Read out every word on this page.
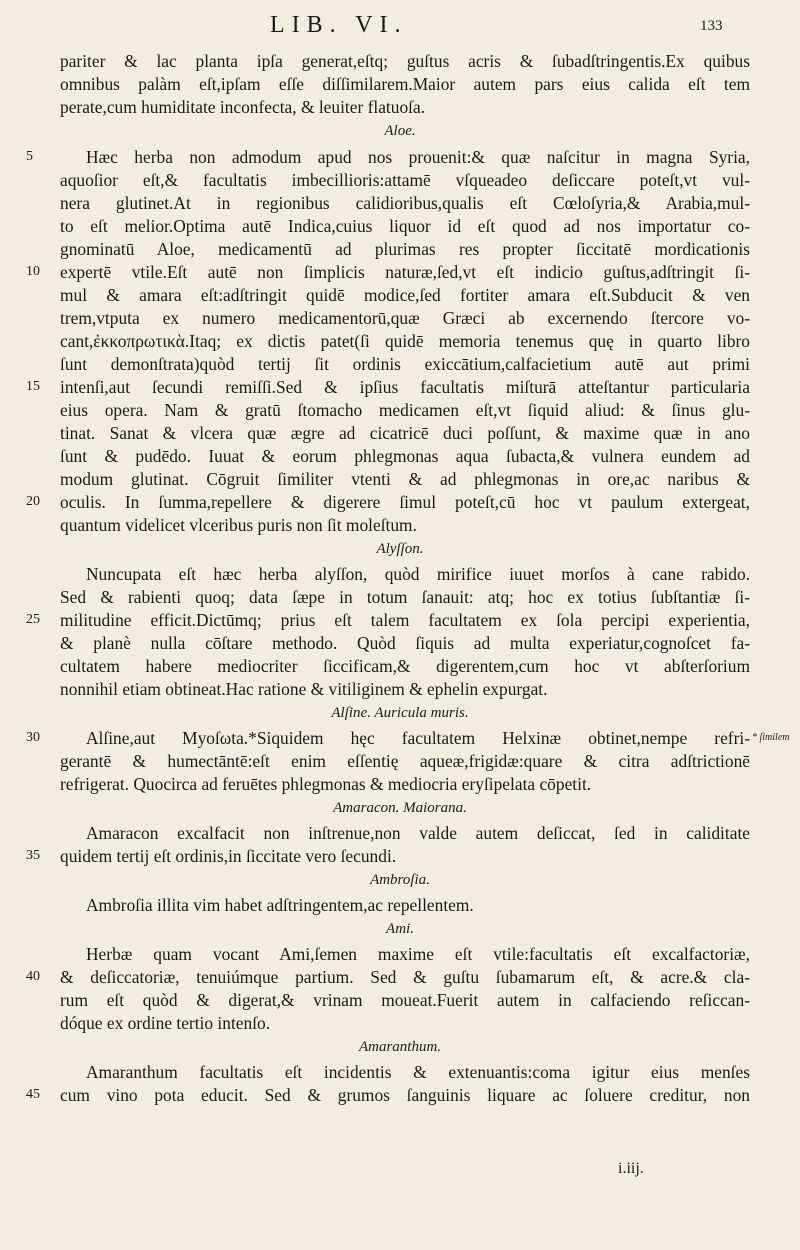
LIB. VI.	133
pariter & lac planta ipſa generat,eſtq; guſtus acris & ſubadſtringentis.Ex quibus
omnibus palàm eſt,ipſam eſſe diſſimilarem.Maior autem pars eius calida eſt tem
perate,cum humiditate inconfecta, & leuiter flatuoſa.
Aloe.
Hæc herba non admodum apud nos prouenit:& quæ naſcitur in magna Syria,
aquoſior eſt,& facultatis imbecillioris:attamē vſqueadeo deſiccare poteſt,vt vul-
nera glutinet.At in regionibus calidioribus,qualis eſt Cœloſyria,& Arabia,mul-
to eſt melior.Optima autē Indica,cuius liquor id eſt quod ad nos importatur co-
gnominatū Aloe, medicamentū ad plurimas res propter ſiccitatē mordicationis
expertē vtile.Eſt autē non ſimplicis naturæ,ſed,vt eſt indicio guſtus,adſtringit ſi-
mul & amara eſt:adſtringit quidē modice,ſed fortiter amara eſt.Subducit & ven
trem,vtputa ex numero medicamentorū,quæ Græci ab excernendo ſtercore vo-
cant,ἐκκοπρωτικὰ.Itaq; ex dictis patet(ſi quidē memoria tenemus quę in quarto libro
ſunt demonſtrata)quòd tertij ſit ordinis exiccātium,calfacietium autē aut primi
intenſi,aut ſecundi remiſſi.Sed & ipſius facultatis miſturā atteſtantur particularia
eius opera. Nam & gratū ſtomacho medicamen eſt,vt ſiquid aliud: & ſinus glu-
tinat. Sanat & vlcera quæ ægre ad cicatricē duci poſſunt, & maxime quæ in ano
ſunt & pudēdo. Iuuat & eorum phlegmonas aqua ſubacta,& vulnera eundem ad
modum glutinat. Cōgruit ſimiliter vtenti & ad phlegmonas in ore,ac naribus &
oculis. In ſumma,repellere & digerere ſimul poteſt,cū hoc vt paulum extergeat,
quantum videlicet vlceribus puris non ſit moleſtum.
Alyſſon.
Nuncupata eſt hæc herba alyſſon, quòd mirifice iuuet morſos à cane rabido.
Sed & rabienti quoq; data ſæpe in totum ſanauit: atq; hoc ex totius ſubſtantiæ ſi-
militudine efficit.Dictūmq; prius eſt talem facultatem ex ſola percipi experientia,
& planè nulla cōſtare methodo. Quòd ſiquis ad multa experiatur,cognoſcet fa-
cultatem habere mediocriter ſiccificam,& digerentem,cum hoc vt abſterſorium
nonnihil etiam obtineat.Hac ratione & vitiliginem & ephelin expurgat.
Alſine. Auricula muris.
Alſine,aut Myoſωta.*Siquidem hęc facultatem Helxinæ obtinet,nempe refri-
gerantē & humectāntē:eſt enim eſſentię aqueæ,frigidæ:quare & citra adſtrictionē
refrigerat. Quocirca ad feruētes phlegmonas & mediocria eryſipelata cōpetit.
Amaracon. Maiorana.
Amaracon excalfacit non inſtrenue,non valde autem deſiccat, ſed in caliditate
quidem tertij eſt ordinis,in ſiccitate vero ſecundi.
Ambroſia.
Ambroſia illita vim habet adſtringentem,ac repellentem.
Ami.
Herbæ quam vocant Ami,ſemen maxime eſt vtile:facultatis eſt excalfactoriæ,
& deſiccatoriæ, tenuiúmque partium. Sed & guſtu ſubamarum eſt, & acre.& cla-
rum eſt quòd & digerat,& vrinam moueat.Fuerit autem in calfaciendo reſiccan-
dóque ex ordine tertio intenſo.
Amaranthum.
Amaranthum facultatis eſt incidentis & extenuantis:coma igitur eius menſes
cum vino pota educit. Sed & grumos ſanguinis liquare ac ſoluere creditur, non
5
10
15
20
25
30
35
40
45
* ſimilem
i.iij.
